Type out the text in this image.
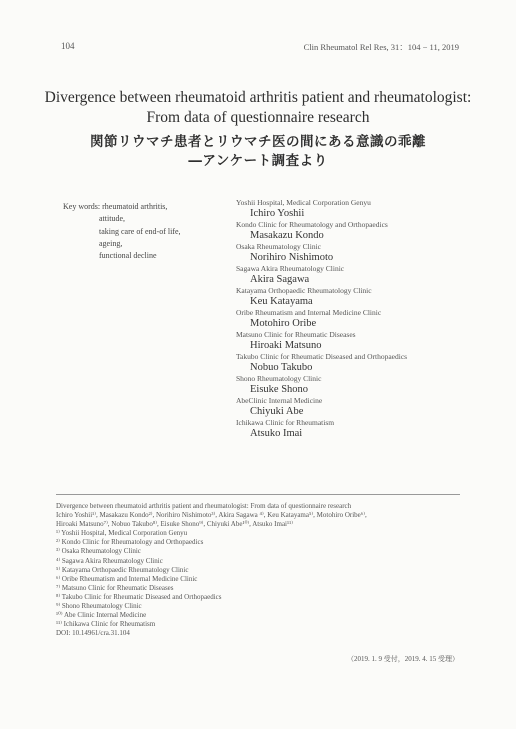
104	Clin Rheumatol Rel Res, 31：104 − 11, 2019
Divergence between rheumatoid arthritis patient and rheumatologist: From data of questionnaire research
関節リウマチ患者とリウマチ医の間にある意識の乖離
―アンケート調査より
Key words: rheumatoid arthritis,
attitude,
taking care of end-of life,
ageing,
functional decline
Yoshii Hospital, Medical Corporation Genyu
Ichiro Yoshii
Kondo Clinic for Rheumatology and Orthopaedics
Masakazu Kondo
Osaka Rheumatology Clinic
Norihiro Nishimoto
Sagawa Akira Rheumatology Clinic
Akira Sagawa
Katayama Orthopaedic Rheumatology Clinic
Keu Katayama
Oribe Rheumatism and Internal Medicine Clinic
Motohiro Oribe
Matsuno Clinic for Rheumatic Diseases
Hiroaki Matsuno
Takubo Clinic for Rheumatic Diseased and Orthopaedics
Nobuo Takubo
Shono Rheumatology Clinic
Eisuke Shono
AbeClinic Internal Medicine
Chiyuki Abe
Ichikawa Clinic for Rheumatism
Atsuko Imai
Divergence between rheumatoid arthritis patient and rheumatologist: From data of questionnaire research
Ichiro Yoshii¹⁾, Masakazu Kondo²⁾, Norihiro Nishimoto³⁾, Akira Sagawa ⁴⁾, Keu Katayama⁵⁾, Motohiro Oribe⁶⁾,
Hiroaki Matsuno⁷⁾, Nobuo Takubo⁸⁾, Eisuke Shono⁹⁾, Chiyuki Abe¹⁰⁾, Atsuko Imai¹¹⁾
¹⁾ Yoshii Hospital, Medical Corporation Genyu
²⁾ Kondo Clinic for Rheumatology and Orthopaedics
³⁾ Osaka Rheumatology Clinic
⁴⁾ Sagawa Akira Rheumatology Clinic
⁵⁾ Katayama Orthopaedic Rheumatology Clinic
⁶⁾ Oribe Rheumatism and Internal Medicine Clinic
⁷⁾ Matsuno Clinic for Rheumatic Diseases
⁸⁾ Takubo Clinic for Rheumatic Diseased and Orthopaedics
⁹⁾ Shono Rheumatology Clinic
¹⁰⁾ Abe Clinic Internal Medicine
¹¹⁾ Ichikawa Clinic for Rheumatism
DOI: 10.14961/cra.31.104
（2019. 1. 9 受付，2019. 4. 15 受理）
